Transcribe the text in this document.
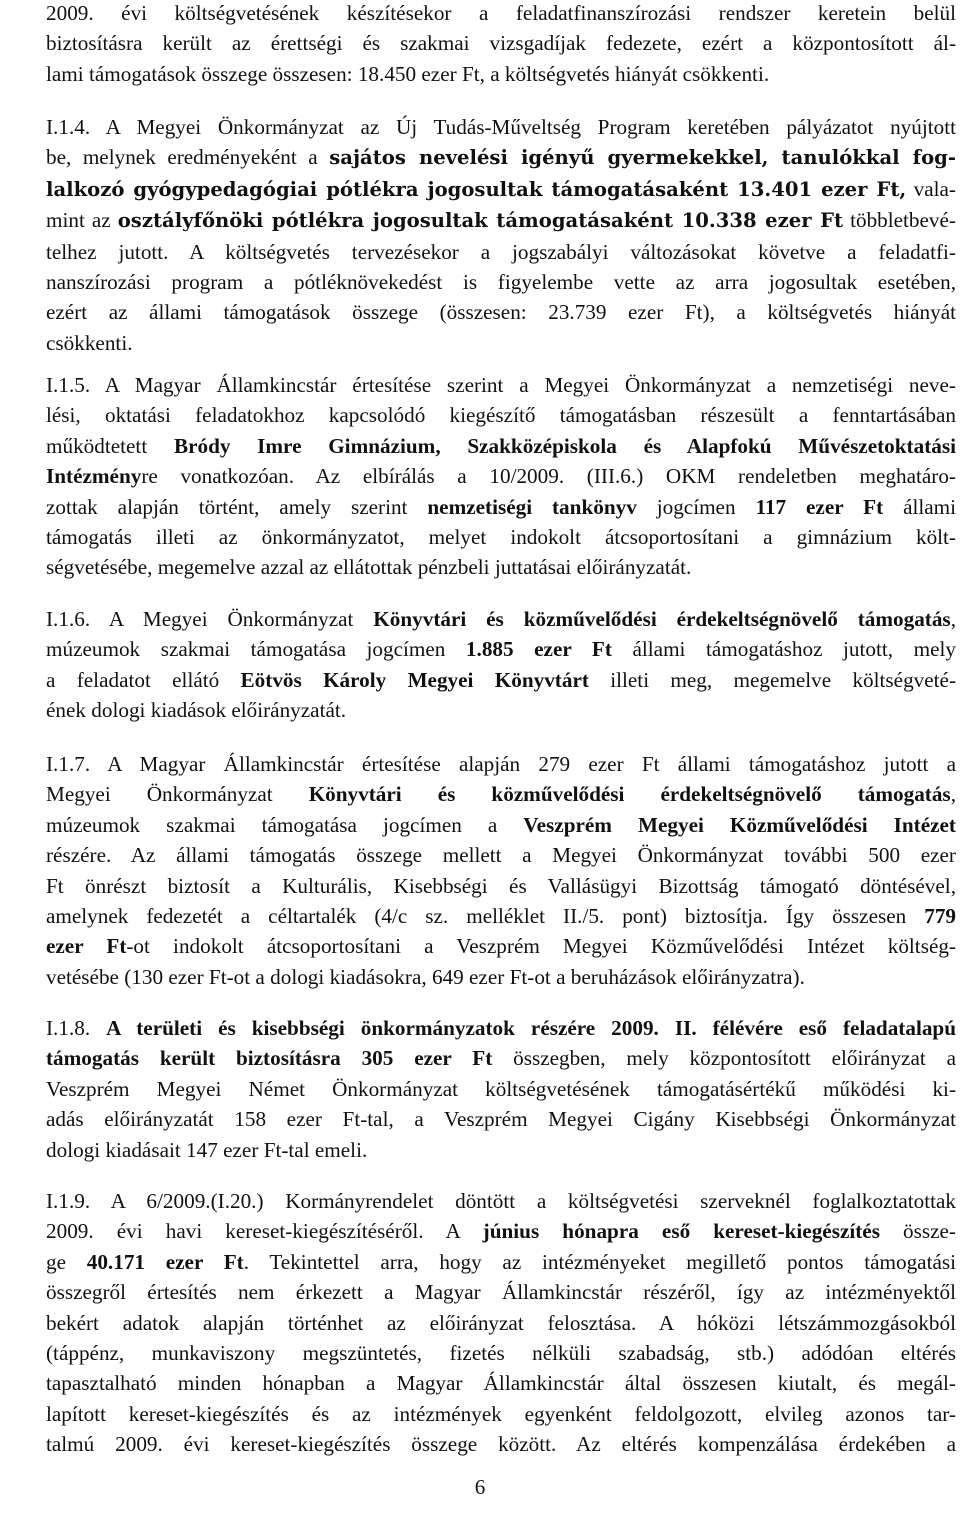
2009. évi költségvetésének készítésekor a feladatfinanszírozási rendszer keretein belül
biztosításra került az érettségi és szakmai vizsgadíjak fedezete, ezért a központosított ál-
lami támogatások összege összesen: 18.450 ezer Ft, a költségvetés hiányát csökkenti.
I.1.4. A Megyei Önkormányzat az Új Tudás-Műveltség Program keretében pályázatot nyújtott
be, melynek eredményeként a sajátos nevelési igényű gyermekekkel, tanulókkal fog-
lalkozó gyógypedagógiai pótlékra jogosultak támogatásaként 13.401 ezer Ft, vala-
mint az osztályfőnöki pótlékra jogosultak támogatásaként 10.338 ezer Ft többletbevé-
telhez jutott. A költségvetés tervezésekor a jogszabályi változásokat követve a feladatfi-
nanszírozási program a pótléknövekedést is figyelembe vette az arra jogosultak esetében,
ezért az állami támogatások összege (összesen: 23.739 ezer Ft), a költségvetés hiányát
csökkenti.
I.1.5. A Magyar Államkincstár értesítése szerint a Megyei Önkormányzat a nemzetiségi neve-
lési, oktatási feladatokhoz kapcsolódó kiegészítő támogatásban részesült a fenntartásában
működtetett Bródy Imre Gimnázium, Szakközépiskola és Alapfokú Művészetoktatási
Intézményre vonatkozóan. Az elbírálás a 10/2009. (III.6.) OKM rendeletben meghatáro-
zottak alapján történt, amely szerint nemzetiségi tankönyv jogcímen 117 ezer Ft állami
támogatás illeti az önkormányzatot, melyet indokolt átcsoportosítani a gimnázium költ-
ségvetésébe, megemelve azzal az ellátottak pénzbeli juttatásai előirányzatát.
I.1.6. A Megyei Önkormányzat Könyvtári és közművelődési érdekeltségnövelő támogatás,
múzeumok szakmai támogatása jogcímen 1.885 ezer Ft állami támogatáshoz jutott, mely
a feladatot ellátó Eötvös Károly Megyei Könyvtárt illeti meg, megemelve költségveté-
ének dologi kiadások előirányzatát.
I.1.7. A Magyar Államkincstár értesítése alapján 279 ezer Ft állami támogatáshoz jutott a
Megyei Önkormányzat Könyvtári és közművelődési érdekeltségnövelő támogatás,
múzeumok szakmai támogatása jogcímen a Veszprém Megyei Közművelődési Intézet
részére. Az állami támogatás összege mellett a Megyei Önkormányzat további 500 ezer
Ft önrészt biztosít a Kulturális, Kisebbségi és Vallásügyi Bizottság támogató döntésével,
amelynek fedezetét a céltartalék (4/c sz. melléklet II./5. pont) biztosítja. Így összesen 779
ezer Ft-ot indokolt átcsoportosítani a Veszprém Megyei Közművelődési Intézet költség-
vetésébe (130 ezer Ft-ot a dologi kiadásokra, 649 ezer Ft-ot a beruházások előirányzatra).
I.1.8. A területi és kisebbségi önkormányzatok részére 2009. II. félévére eső feladatalapú
támogatás került biztosításra 305 ezer Ft összegben, mely központosított előirányzat a
Veszprém Megyei Német Önkormányzat költségvetésének támogatásértékű működési ki-
adás előirányzatát 158 ezer Ft-tal, a Veszprém Megyei Cigány Kisebbségi Önkormányzat
dologi kiadásait 147 ezer Ft-tal emeli.
I.1.9. A 6/2009.(I.20.) Kormányrendelet döntött a költségvetési szerveknél foglalkoztatottak
2009. évi havi kereset-kiegészítéséről. A június hónapra eső kereset-kiegészítés össze-
ge 40.171 ezer Ft. Tekintettel arra, hogy az intézményeket megillető pontos támogatási
összegről értesítés nem érkezett a Magyar Államkincstár részéről, így az intézményektől
bekért adatok alapján történhet az előirányzat felosztása. A hóközi létszámmozgásokból
(táppénz, munkaviszony megszüntetés, fizetés nélküli szabadság, stb.) adódóan eltérés
tapasztalható minden hónapban a Magyar Államkincstár által összesen kiutalt, és megál-
lapított kereset-kiegészítés és az intézmények egyenként feldolgozott, elvileg azonos tar-
talmú 2009. évi kereset-kiegészítés összege között. Az eltérés kompenzálása érdekében a
6
